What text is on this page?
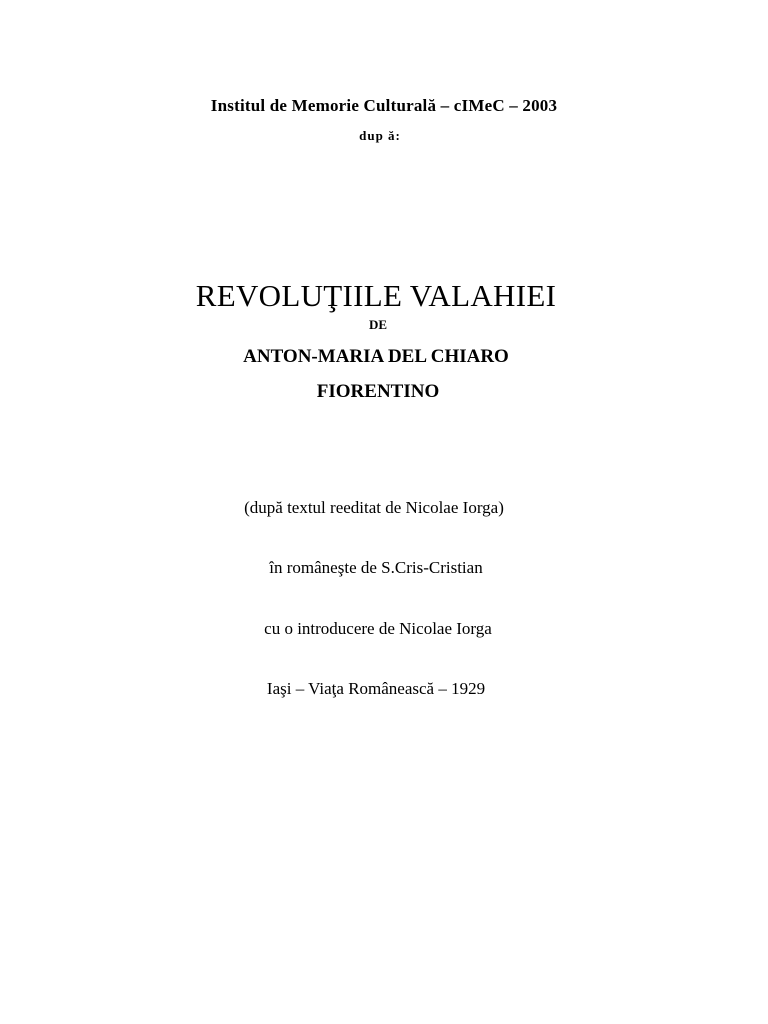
Institul de Memorie Culturală – cIMeC – 2003
dup ă:
REVOLUŢIILE VALAHIEI
DE
ANTON-MARIA DEL CHIARO
FIORENTINO
(după textul reeditat de Nicolae Iorga)
în româneşte de S.Cris-Cristian
cu o introducere de Nicolae Iorga
Iaşi – Viaţa Românească – 1929
